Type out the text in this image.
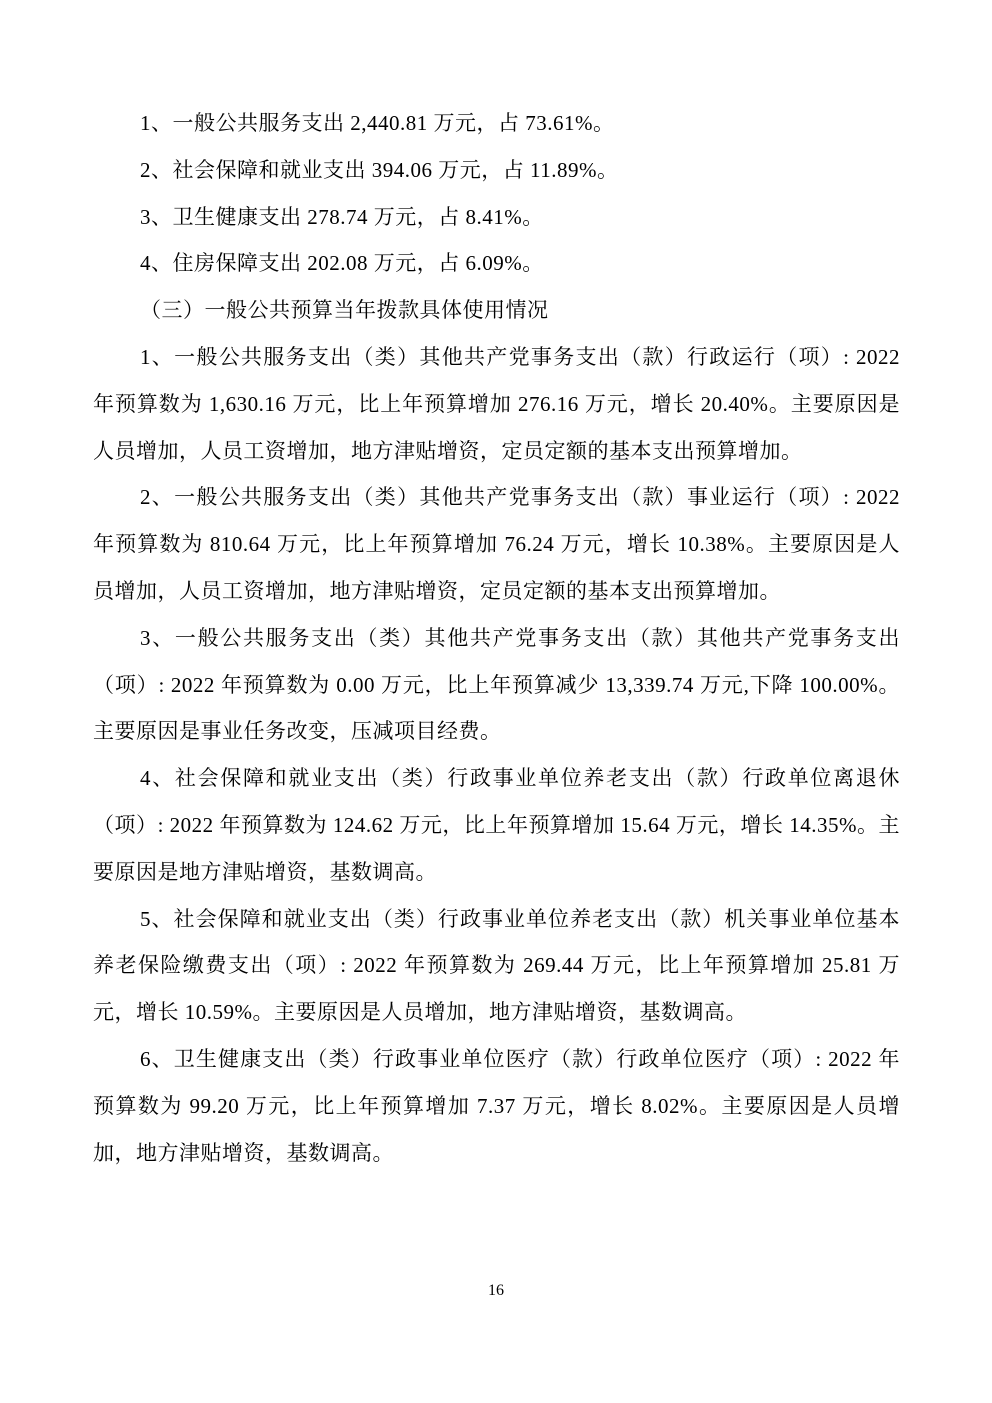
1、一般公共服务支出 2,440.81 万元，占 73.61%。

2、社会保障和就业支出 394.06 万元，占 11.89%。

3、卫生健康支出 278.74 万元，占 8.41%。

4、住房保障支出 202.08 万元，占 6.09%。

（三）一般公共预算当年拨款具体使用情况

1、一般公共服务支出（类）其他共产党事务支出（款）行政运行（项）: 2022 年预算数为 1,630.16 万元，比上年预算增加 276.16 万元，增长 20.40%。主要原因是人员增加，人员工资增加，地方津贴增资，定员定额的基本支出预算增加。

2、一般公共服务支出（类）其他共产党事务支出（款）事业运行（项）: 2022 年预算数为 810.64 万元，比上年预算增加 76.24 万元，增长 10.38%。主要原因是人员增加，人员工资增加，地方津贴增资，定员定额的基本支出预算增加。

3、一般公共服务支出（类）其他共产党事务支出（款）其他共产党事务支出（项）: 2022 年预算数为 0.00 万元，比上年预算减少 13,339.74 万元,下降 100.00%。主要原因是事业任务改变，压减项目经费。

4、社会保障和就业支出（类）行政事业单位养老支出（款）行政单位离退休（项）: 2022 年预算数为 124.62 万元，比上年预算增加 15.64 万元，增长 14.35%。主要原因是地方津贴增资，基数调高。

5、社会保障和就业支出（类）行政事业单位养老支出（款）机关事业单位基本养老保险缴费支出（项）: 2022 年预算数为 269.44 万元，比上年预算增加 25.81 万元，增长 10.59%。主要原因是人员增加，地方津贴增资，基数调高。

6、卫生健康支出（类）行政事业单位医疗（款）行政单位医疗（项）: 2022 年预算数为 99.20 万元，比上年预算增加 7.37 万元，增长 8.02%。主要原因是人员增加，地方津贴增资，基数调高。

16
